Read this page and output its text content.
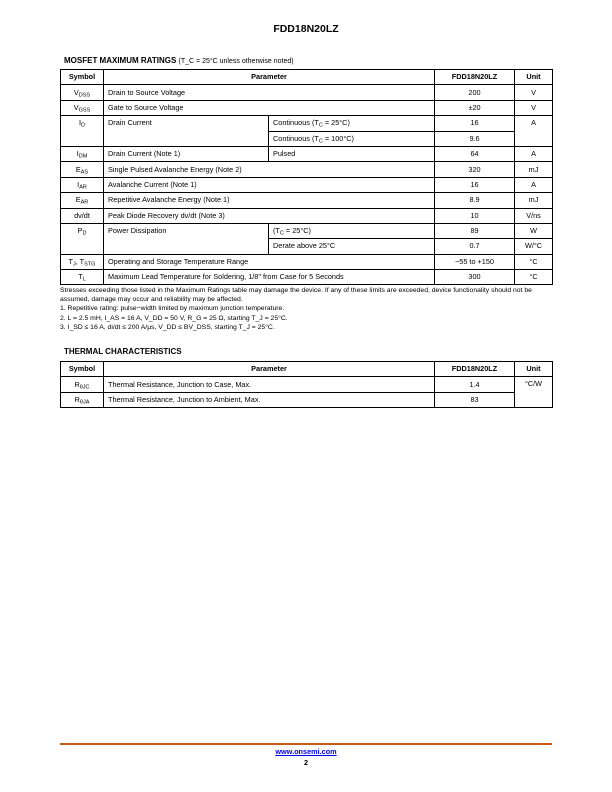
FDD18N20LZ
MOSFET MAXIMUM RATINGS (T_C = 25°C unless otherwise noted)
Symbol	Parameter		FDD18N20LZ	Unit
$V_{DSS}$	Drain to Source Voltage		200	V
$V_{GSS}$	Gate to Source Voltage		±20	V
$I_D$	Drain Current	Continuous $(T_C = 25^\circ C)$	16	A
		Continuous $(T_C = 100^\circ C)$	9.6	
$I_{DM}$	Drain Current (Note 1)	Pulsed	64	A
$E_{AS}$	Single Pulsed Avalanche Energy (Note 2)		320	mJ
$I_{AR}$	Avalanche Current (Note 1)		16	A
$E_{AR}$	Repetitive Avalanche Energy (Note 1)		8.9	mJ
dv/dt	Peak Diode Recovery dv/dt (Note 3)		10	V/ns
$P_D$	Power Dissipation	$(T_C = 25^\circ C)$	89	W
		Derate above 25°C	0.7	W/°C
$T_J$, $T_{STG}$	Operating and Storage Temperature Range		−55 to +150	°C
$T_L$	Maximum Lead Temperature for Soldering, 1/8" from Case for 5 Seconds		300	°C

Stresses exceeding those listed in the Maximum Ratings table may damage the device. If any of these limits are exceeded, device functionality should not be assumed, damage may occur and reliability may be affected.

1. Repetitive rating: pulse−width limited by maximum junction temperature.

2. L = 2.5 mH, I_AS = 16 A, V_DD = 50 V, R_G = 25 Ω, starting T_J = 25°C.

3. I_SD ≤ 16 A, di/dt ≤ 200 A/μs, V_DD ≤ BV_DSS, starting T_J = 25°C.

THERMAL CHARACTERISTICS
Symbol	Parameter	FDD18N20LZ	Unit
$R_{\theta JC}$	Thermal Resistance, Junction to Case, Max.	1.4	°C/W
$R_{\theta JA}$	Thermal Resistance, Junction to Ambient, Max.	83	
www.onsemi.com
2
